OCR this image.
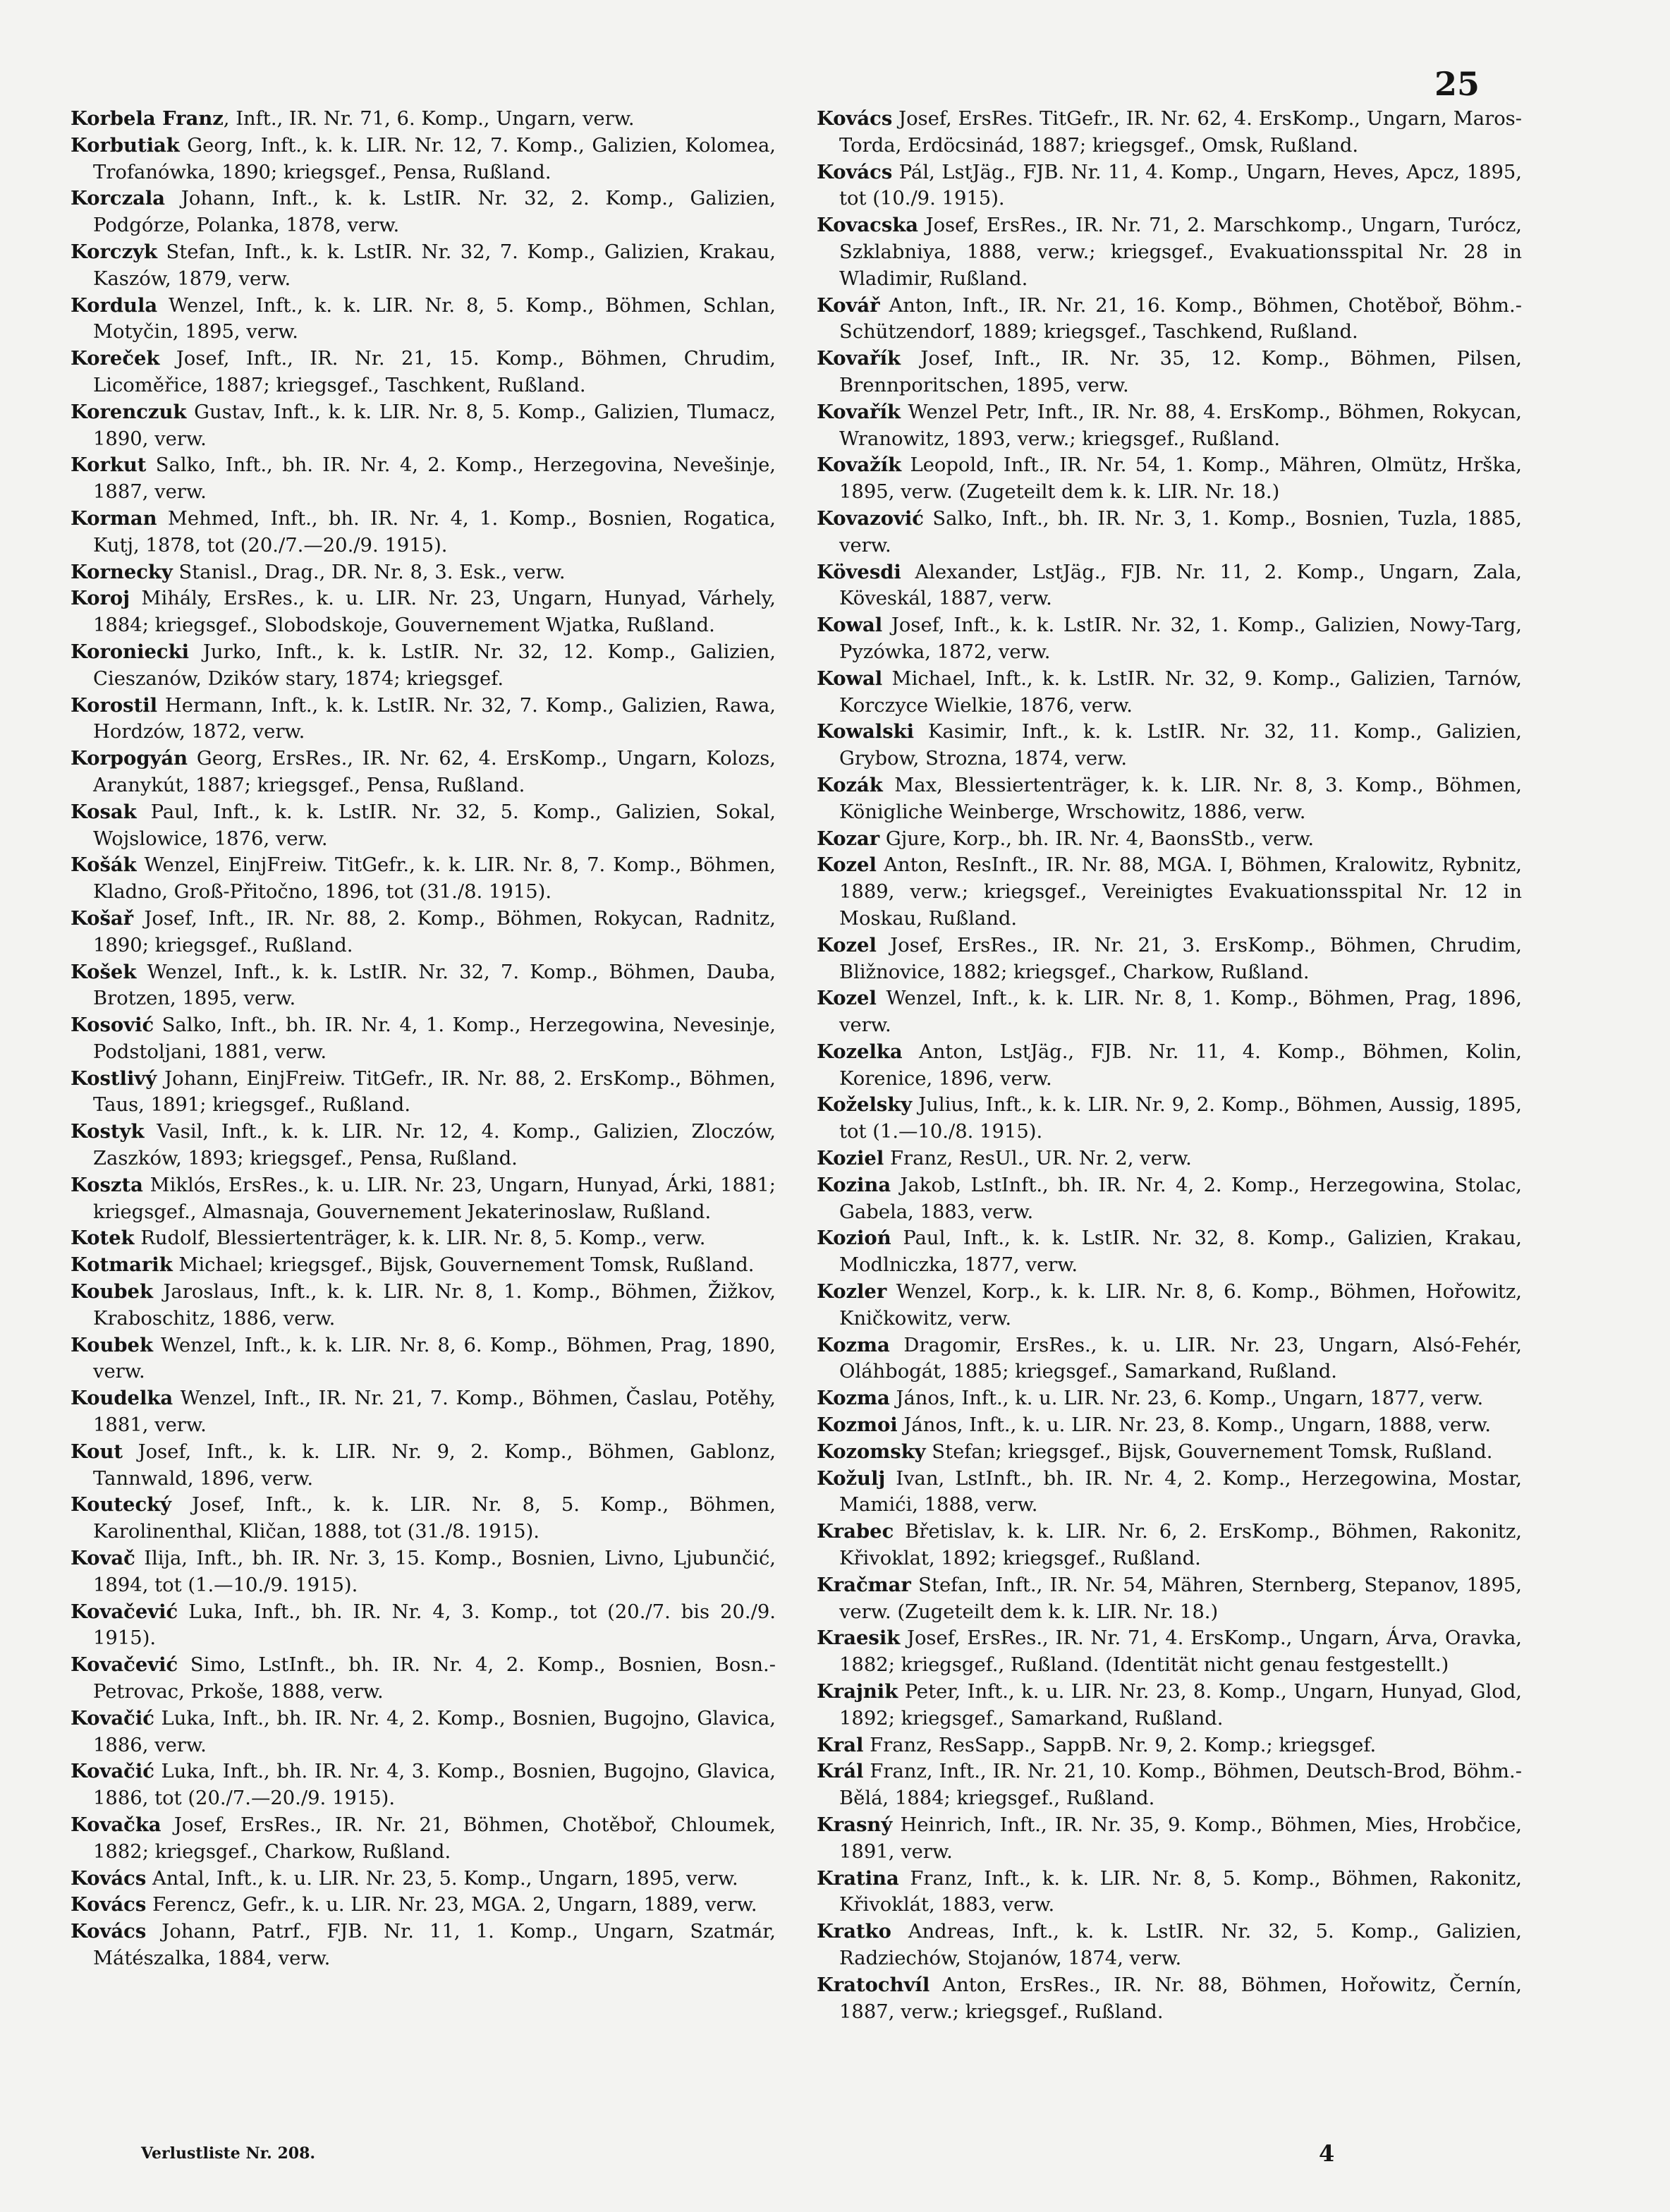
25

Korbela Franz, Inft., IR. Nr. 71, 6. Komp., Ungarn, verw.

Korbutiak Georg, Inft., k. k. LIR. Nr. 12, 7. Komp., Galizien, Kolomea, Trofanówka, 1890; kriegsgef., Pensa, Rußland.

Korczala Johann, Inft., k. k. LstIR. Nr. 32, 2. Komp., Galizien, Podgórze, Polanka, 1878, verw.

Korczyk Stefan, Inft., k. k. LstIR. Nr. 32, 7. Komp., Galizien, Krakau, Kaszów, 1879, verw.

Kordula Wenzel, Inft., k. k. LIR. Nr. 8, 5. Komp., Böhmen, Schlan, Motyčin, 1895, verw.

Koreček Josef, Inft., IR. Nr. 21, 15. Komp., Böhmen, Chrudim, Licoměřice, 1887; kriegsgef., Taschkent, Rußland.

Korenczuk Gustav, Inft., k. k. LIR. Nr. 8, 5. Komp., Galizien, Tlumacz, 1890, verw.

Korkut Salko, Inft., bh. IR. Nr. 4, 2. Komp., Herzegovina, Nevešinje, 1887, verw.

Korman Mehmed, Inft., bh. IR. Nr. 4, 1. Komp., Bosnien, Rogatica, Kutj, 1878, tot (20./7.—20./9. 1915).

Kornecky Stanisl., Drag., DR. Nr. 8, 3. Esk., verw.

Koroj Mihály, ErsRes., k. u. LIR. Nr. 23, Ungarn, Hunyad, Várhely, 1884; kriegsgef., Slobodskoje, Gouvernement Wjatka, Rußland.

Koroniecki Jurko, Inft., k. k. LstIR. Nr. 32, 12. Komp., Galizien, Cieszanów, Dzików stary, 1874; kriegsgef.

Korostil Hermann, Inft., k. k. LstIR. Nr. 32, 7. Komp., Galizien, Rawa, Hordzów, 1872, verw.

Korpogyán Georg, ErsRes., IR. Nr. 62, 4. ErsKomp., Ungarn, Kolozs, Aranykút, 1887; kriegsgef., Pensa, Rußland.

Kosak Paul, Inft., k. k. LstIR. Nr. 32, 5. Komp., Galizien, Sokal, Wojslowice, 1876, verw.

Košák Wenzel, EinjFreiw. TitGefr., k. k. LIR. Nr. 8, 7. Komp., Böhmen, Kladno, Groß-Přitočno, 1896, tot (31./8. 1915).

Košař Josef, Inft., IR. Nr. 88, 2. Komp., Böhmen, Rokycan, Radnitz, 1890; kriegsgef., Rußland.

Košek Wenzel, Inft., k. k. LstIR. Nr. 32, 7. Komp., Böhmen, Dauba, Brotzen, 1895, verw.

Kosović Salko, Inft., bh. IR. Nr. 4, 1. Komp., Herzegowina, Nevesinje, Podstoljani, 1881, verw.

Kostlivý Johann, EinjFreiw. TitGefr., IR. Nr. 88, 2. ErsKomp., Böhmen, Taus, 1891; kriegsgef., Rußland.

Kostyk Vasil, Inft., k. k. LIR. Nr. 12, 4. Komp., Galizien, Zloczów, Zaszków, 1893; kriegsgef., Pensa, Rußland.

Koszta Miklós, ErsRes., k. u. LIR. Nr. 23, Ungarn, Hunyad, Árki, 1881; kriegsgef., Almasnaja, Gouvernement Jekaterinoslaw, Rußland.

Kotek Rudolf, Blessiertenträger, k. k. LIR. Nr. 8, 5. Komp., verw.

Kotmarik Michael; kriegsgef., Bijsk, Gouvernement Tomsk, Rußland.

Koubek Jaroslaus, Inft., k. k. LIR. Nr. 8, 1. Komp., Böhmen, Žižkov, Kraboschitz, 1886, verw.

Koubek Wenzel, Inft., k. k. LIR. Nr. 8, 6. Komp., Böhmen, Prag, 1890, verw.

Koudelka Wenzel, Inft., IR. Nr. 21, 7. Komp., Böhmen, Časlau, Potěhy, 1881, verw.

Kout Josef, Inft., k. k. LIR. Nr. 9, 2. Komp., Böhmen, Gablonz, Tannwald, 1896, verw.

Koutecký Josef, Inft., k. k. LIR. Nr. 8, 5. Komp., Böhmen, Karolinenthal, Kličan, 1888, tot (31./8. 1915).

Kovač Ilija, Inft., bh. IR. Nr. 3, 15. Komp., Bosnien, Livno, Ljubunčić, 1894, tot (1.—10./9. 1915).

Kovačević Luka, Inft., bh. IR. Nr. 4, 3. Komp., tot (20./7. bis 20./9. 1915).

Kovačević Simo, LstInft., bh. IR. Nr. 4, 2. Komp., Bosnien, Bosn.-Petrovac, Prkoše, 1888, verw.

Kovačić Luka, Inft., bh. IR. Nr. 4, 2. Komp., Bosnien, Bugojno, Glavica, 1886, verw.

Kovačić Luka, Inft., bh. IR. Nr. 4, 3. Komp., Bosnien, Bugojno, Glavica, 1886, tot (20./7.—20./9. 1915).

Kovačka Josef, ErsRes., IR. Nr. 21, Böhmen, Chotěboř, Chloumek, 1882; kriegsgef., Charkow, Rußland.

Kovács Antal, Inft., k. u. LIR. Nr. 23, 5. Komp., Ungarn, 1895, verw.

Kovács Ferencz, Gefr., k. u. LIR. Nr. 23, MGA. 2, Ungarn, 1889, verw.

Kovács Johann, Patrf., FJB. Nr. 11, 1. Komp., Ungarn, Szatmár, Mátészalka, 1884, verw.

Kovács Josef, ErsRes. TitGefr., IR. Nr. 62, 4. ErsKomp., Ungarn, Maros-Torda, Erdöcsinád, 1887; kriegsgef., Omsk, Rußland.

Kovács Pál, LstJäg., FJB. Nr. 11, 4. Komp., Ungarn, Heves, Apcz, 1895, tot (10./9. 1915).

Kovacska Josef, ErsRes., IR. Nr. 71, 2. Marschkomp., Ungarn, Turócz, Szklabniya, 1888, verw.; kriegsgef., Evakuationsspital Nr. 28 in Wladimir, Rußland.

Kovář Anton, Inft., IR. Nr. 21, 16. Komp., Böhmen, Chotěboř, Böhm.-Schützendorf, 1889; kriegsgef., Taschkend, Rußland.

Kovařík Josef, Inft., IR. Nr. 35, 12. Komp., Böhmen, Pilsen, Brennporitschen, 1895, verw.

Kovařík Wenzel Petr, Inft., IR. Nr. 88, 4. ErsKomp., Böhmen, Rokycan, Wranowitz, 1893, verw.; kriegsgef., Rußland.

Kovažík Leopold, Inft., IR. Nr. 54, 1. Komp., Mähren, Olmütz, Hrška, 1895, verw. (Zugeteilt dem k. k. LIR. Nr. 18.)

Kovazović Salko, Inft., bh. IR. Nr. 3, 1. Komp., Bosnien, Tuzla, 1885, verw.

Kövesdi Alexander, LstJäg., FJB. Nr. 11, 2. Komp., Ungarn, Zala, Köveskál, 1887, verw.

Kowal Josef, Inft., k. k. LstIR. Nr. 32, 1. Komp., Galizien, Nowy-Targ, Pyzówka, 1872, verw.

Kowal Michael, Inft., k. k. LstIR. Nr. 32, 9. Komp., Galizien, Tarnów, Korczyce Wielkie, 1876, verw.

Kowalski Kasimir, Inft., k. k. LstIR. Nr. 32, 11. Komp., Galizien, Grybow, Strozna, 1874, verw.

Kozák Max, Blessiertenträger, k. k. LIR. Nr. 8, 3. Komp., Böhmen, Königliche Weinberge, Wrschowitz, 1886, verw.

Kozar Gjure, Korp., bh. IR. Nr. 4, BaonsStb., verw.

Kozel Anton, ResInft., IR. Nr. 88, MGA. I, Böhmen, Kralowitz, Rybnitz, 1889, verw.; kriegsgef., Vereinigtes Evakuationsspital Nr. 12 in Moskau, Rußland.

Kozel Josef, ErsRes., IR. Nr. 21, 3. ErsKomp., Böhmen, Chrudim, Bližnovice, 1882; kriegsgef., Charkow, Rußland.

Kozel Wenzel, Inft., k. k. LIR. Nr. 8, 1. Komp., Böhmen, Prag, 1896, verw.

Kozelka Anton, LstJäg., FJB. Nr. 11, 4. Komp., Böhmen, Kolin, Korenice, 1896, verw.

Koželsky Julius, Inft., k. k. LIR. Nr. 9, 2. Komp., Böhmen, Aussig, 1895, tot (1.—10./8. 1915).

Koziel Franz, ResUl., UR. Nr. 2, verw.

Kozina Jakob, LstInft., bh. IR. Nr. 4, 2. Komp., Herzegowina, Stolac, Gabela, 1883, verw.

Kozioń Paul, Inft., k. k. LstIR. Nr. 32, 8. Komp., Galizien, Krakau, Modlniczka, 1877, verw.

Kozler Wenzel, Korp., k. k. LIR. Nr. 8, 6. Komp., Böhmen, Hořowitz, Kničkowitz, verw.

Kozma Dragomir, ErsRes., k. u. LIR. Nr. 23, Ungarn, Alsó-Fehér, Oláhbogát, 1885; kriegsgef., Samarkand, Rußland.

Kozma János, Inft., k. u. LIR. Nr. 23, 6. Komp., Ungarn, 1877, verw.

Kozmoi János, Inft., k. u. LIR. Nr. 23, 8. Komp., Ungarn, 1888, verw.

Kozomsky Stefan; kriegsgef., Bijsk, Gouvernement Tomsk, Rußland.

Kožulj Ivan, LstInft., bh. IR. Nr. 4, 2. Komp., Herzegowina, Mostar, Mamići, 1888, verw.

Krabec Břetislav, k. k. LIR. Nr. 6, 2. ErsKomp., Böhmen, Rakonitz, Křivoklat, 1892; kriegsgef., Rußland.

Kračmar Stefan, Inft., IR. Nr. 54, Mähren, Sternberg, Stepanov, 1895, verw. (Zugeteilt dem k. k. LIR. Nr. 18.)

Kraesik Josef, ErsRes., IR. Nr. 71, 4. ErsKomp., Ungarn, Árva, Oravka, 1882; kriegsgef., Rußland. (Identität nicht genau festgestellt.)

Krajnik Peter, Inft., k. u. LIR. Nr. 23, 8. Komp., Ungarn, Hunyad, Glod, 1892; kriegsgef., Samarkand, Rußland.

Kral Franz, ResSapp., SappB. Nr. 9, 2. Komp.; kriegsgef.

Král Franz, Inft., IR. Nr. 21, 10. Komp., Böhmen, Deutsch-Brod, Böhm.-Bělá, 1884; kriegsgef., Rußland.

Krasný Heinrich, Inft., IR. Nr. 35, 9. Komp., Böhmen, Mies, Hrobčice, 1891, verw.

Kratina Franz, Inft., k. k. LIR. Nr. 8, 5. Komp., Böhmen, Rakonitz, Křivoklát, 1883, verw.

Kratko Andreas, Inft., k. k. LstIR. Nr. 32, 5. Komp., Galizien, Radziechów, Stojanów, 1874, verw.

Kratochvíl Anton, ErsRes., IR. Nr. 88, Böhmen, Hořowitz, Černín, 1887, verw.; kriegsgef., Rußland.

Verlustliste Nr. 208.	4
